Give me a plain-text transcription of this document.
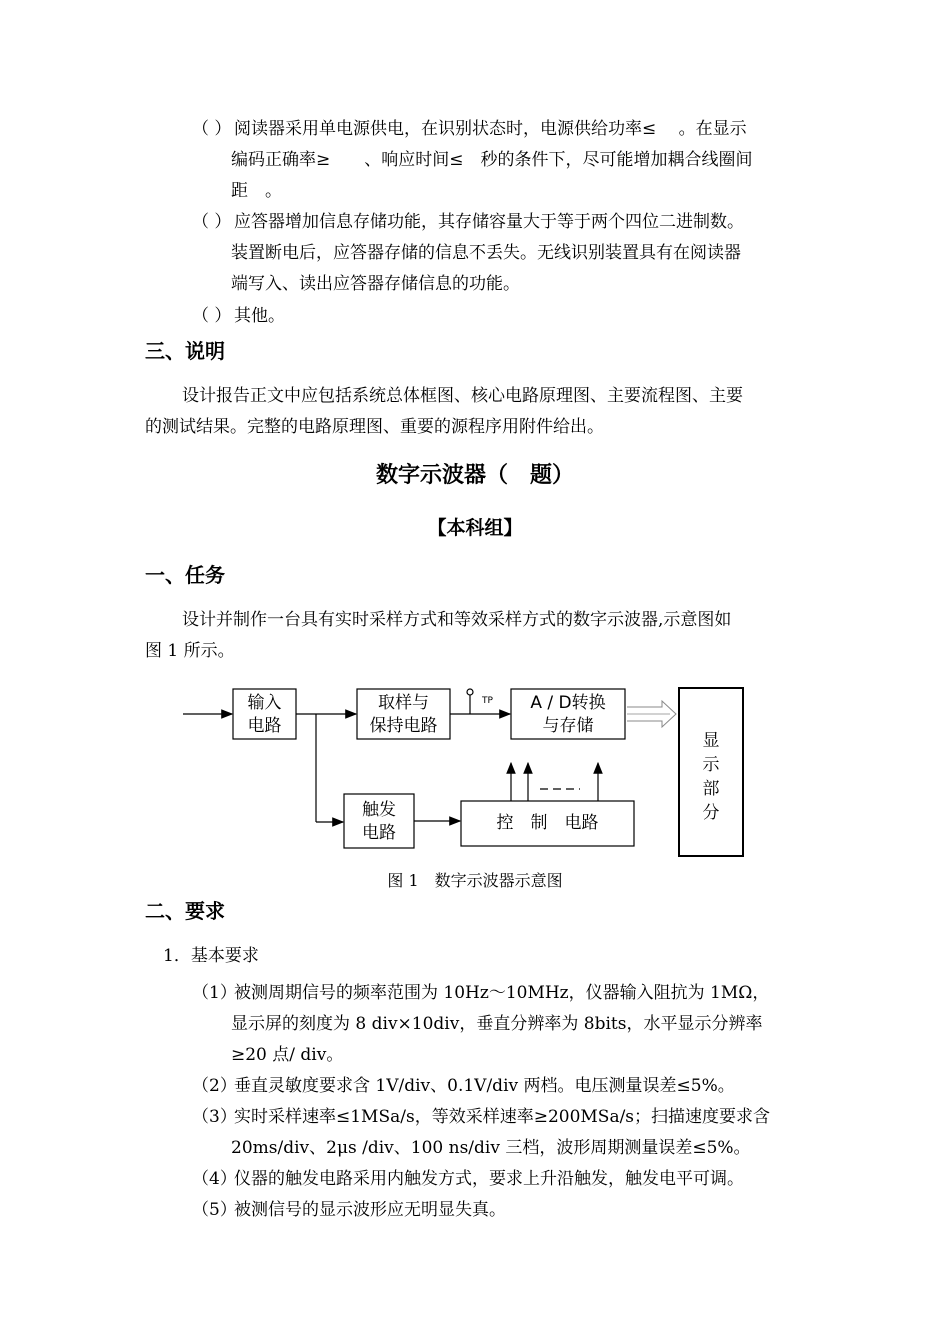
（ ） 阅读器采用单电源供电，在识别状态时，电源供给功率≤　 。在显示
编码正确率≥　　、响应时间≤　秒的条件下，尽可能增加耦合线圈间
距　。
（ ） 应答器增加信息存储功能，其存储容量大于等于两个四位二进制数。
装置断电后，应答器存储的信息不丢失。无线识别装置具有在阅读器
端写入、读出应答器存储信息的功能。
（ ） 其他。
三、说明
设计报告正文中应包括系统总体框图、核心电路原理图、主要流程图、主要
的测试结果。完整的电路原理图、重要的源程序用附件给出。
数字示波器（　题）
【本科组】
一、任务
设计并制作一台具有实时采样方式和等效采样方式的数字示波器,示意图如
图 1 所示。
输入
电路
取样与
保持电路
TP A / D转换
与存储
显
示
部
分
触发
电路	控　制　电路
图 1　数字示波器示意图
二、要求
1．基本要求
（1）
被测周期信号的频率范围为 10Hz～10MHz，仪器输入阻抗为 1MΩ，
显示屏的刻度为 8 div×10div，垂直分辨率为 8bits，水平显示分辨率
≥20 点/ div。
（2）
垂直灵敏度要求含 1V/div、0.1V/div 两档。电压测量误差≤5%。
（3）
实时采样速率≤1MSa/s，等效采样速率≥200MSa/s；扫描速度要求含
20ms/div、2μs /div、100 ns/div 三档，波形周期测量误差≤5%。
（4）
仪器的触发电路采用内触发方式，要求上升沿触发，触发电平可调。
（5）
被测信号的显示波形应无明显失真。
